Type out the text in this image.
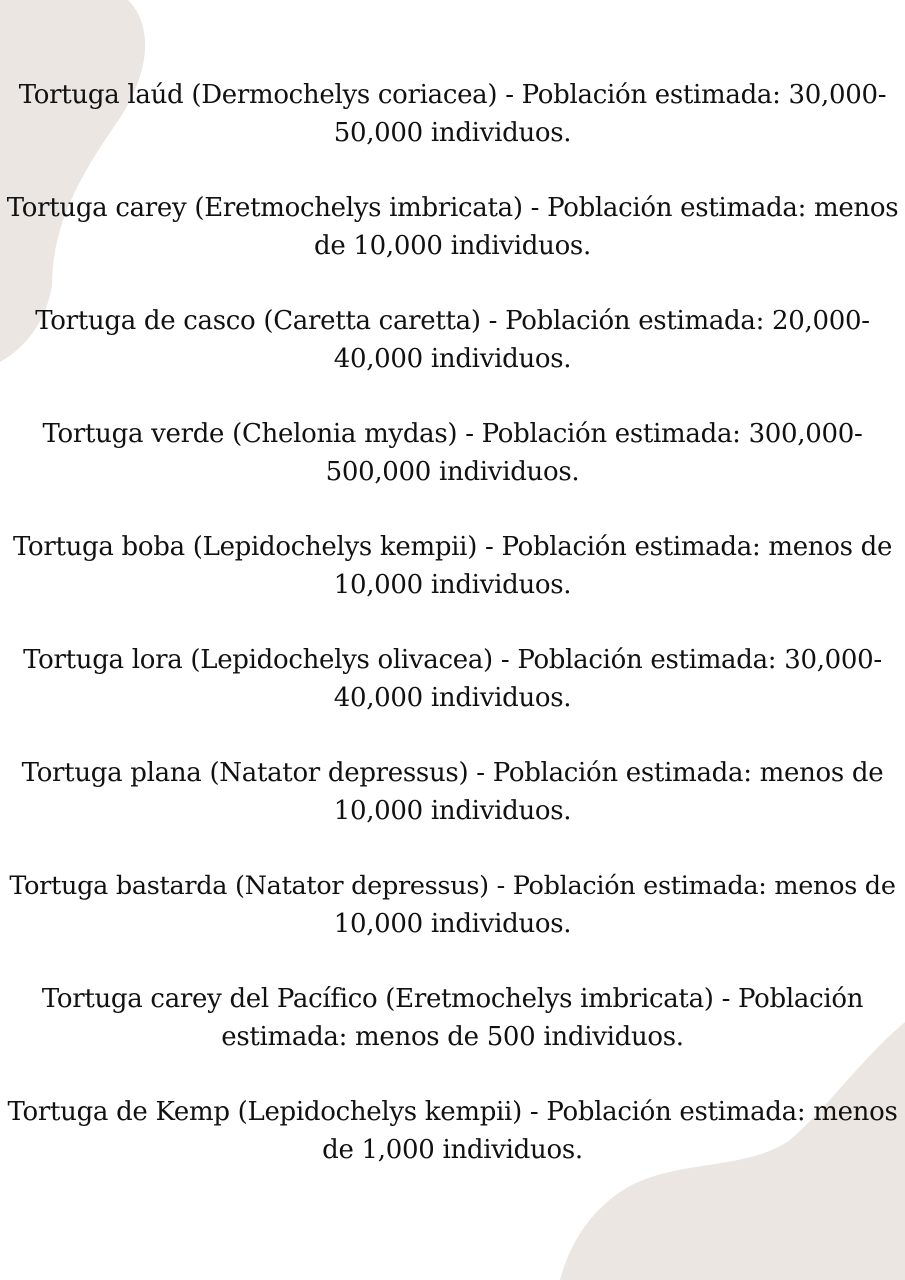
Tortuga laúd (Dermochelys coriacea) - Población estimada: 30,000-
50,000 individuos.

Tortuga carey (Eretmochelys imbricata) - Población estimada: menos
de 10,000 individuos.

Tortuga de casco (Caretta caretta) - Población estimada: 20,000-
40,000 individuos.

Tortuga verde (Chelonia mydas) - Población estimada: 300,000-
500,000 individuos.

Tortuga boba (Lepidochelys kempii) - Población estimada: menos de
10,000 individuos.

Tortuga lora (Lepidochelys olivacea) - Población estimada: 30,000-
40,000 individuos.

Tortuga plana (Natator depressus) - Población estimada: menos de
10,000 individuos.

Tortuga bastarda (Natator depressus) - Población estimada: menos de
10,000 individuos.

Tortuga carey del Pacífico (Eretmochelys imbricata) - Población
estimada: menos de 500 individuos.

Tortuga de Kemp (Lepidochelys kempii) - Población estimada: menos
de 1,000 individuos.
